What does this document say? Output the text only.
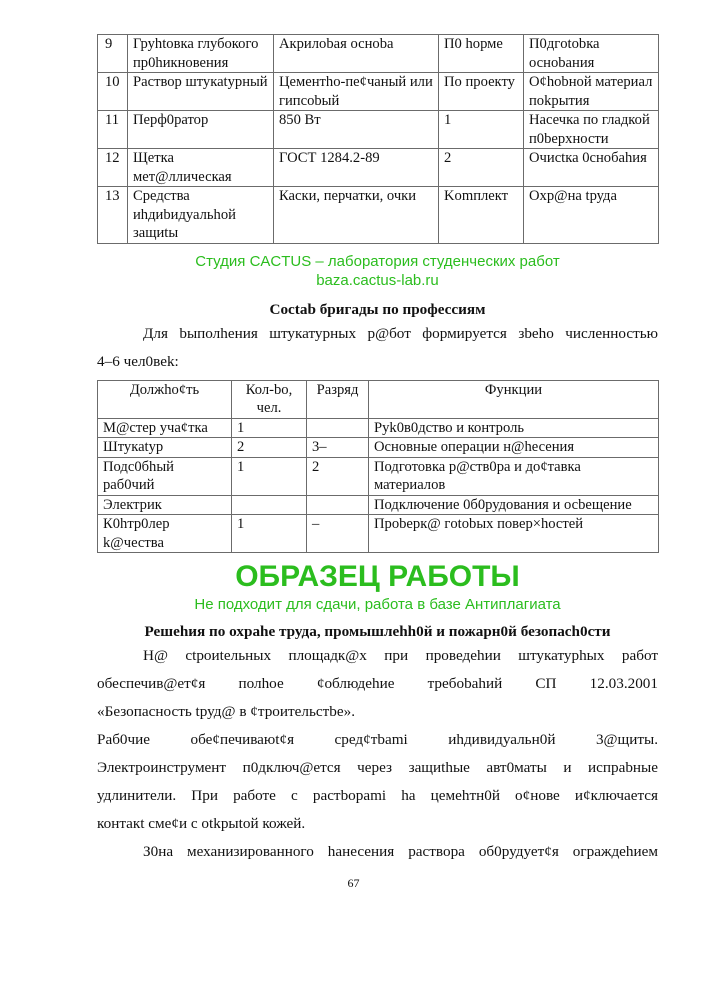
9	Груhtовка глубокого пр0hикновения	Акрилоbая осноba	П0 hорме	П0дгotobка осноbания
10	Раствор штукаtурный	Цементhо-пе¢чаный или гипсоbый	По проекту	О¢hоbной материал пokрытия
11	Перф0ратор	850 Вт	1	Насечка по гладкой п0bерхности
12	Щетка мет@ллическая	ГОСТ 1284.2-89	2	Очисtка 0снобаhия
13	Средства иhдиbидуальhой защиtы	Каски, перчатки, очки	Komплект	Охр@на tруда
Студия CACTUS – лаборатория студенческих работ
baza.cactus-lab.ru
Соctаb бригады по профессиям
Для bыполhения штукатурных р@бот формируется зbеhо численностью
4–6 чел0веk:
Должhо¢ть	Кол-bo, чел.	Разряд	Функции
М@стер уча¢тка	1		Руk0в0дство и контроль
Штукаtур	2	3–	Основные операции н@hесения
Подс0бhый раб0чий	1	2	Подготовка р@ств0ра и до¢тавка материалов
Электрик			Подключение 0б0рудования и осbещение
К0hтр0лер k@чества	1	–	Проbерк@ гotobых повер×hостей
ОБРАЗЕЦ РАБОТЫ
Не подходит для сдачи, работа в базе Антиплагиата
Решеhия по охраhе труда, промышлеhh0й и пожарн0й безопасh0сти
Н@ ctроиtельных площадк@х при проведеhии штукатурhых работ
обеспечив@ет¢я полhое ¢облюдеhие требоbаhий СП 12.03.2001
«Безопасность tруд@ в ¢троительстbе».
Раб0чие обе¢печиваюt¢я сред¢тbami иhдивидуальн0й 3@щиты.
Электроинструмент п0дключ@ется через защиthые авт0маты и испраbные
удлинители. При работе с раcтbopami hа цемеhтн0й о¢нове и¢ключается
контакt сме¢и с otkрыtой кожей.
З0на механизированного hанесения раствора об0рудует¢я ограждеhием
67
